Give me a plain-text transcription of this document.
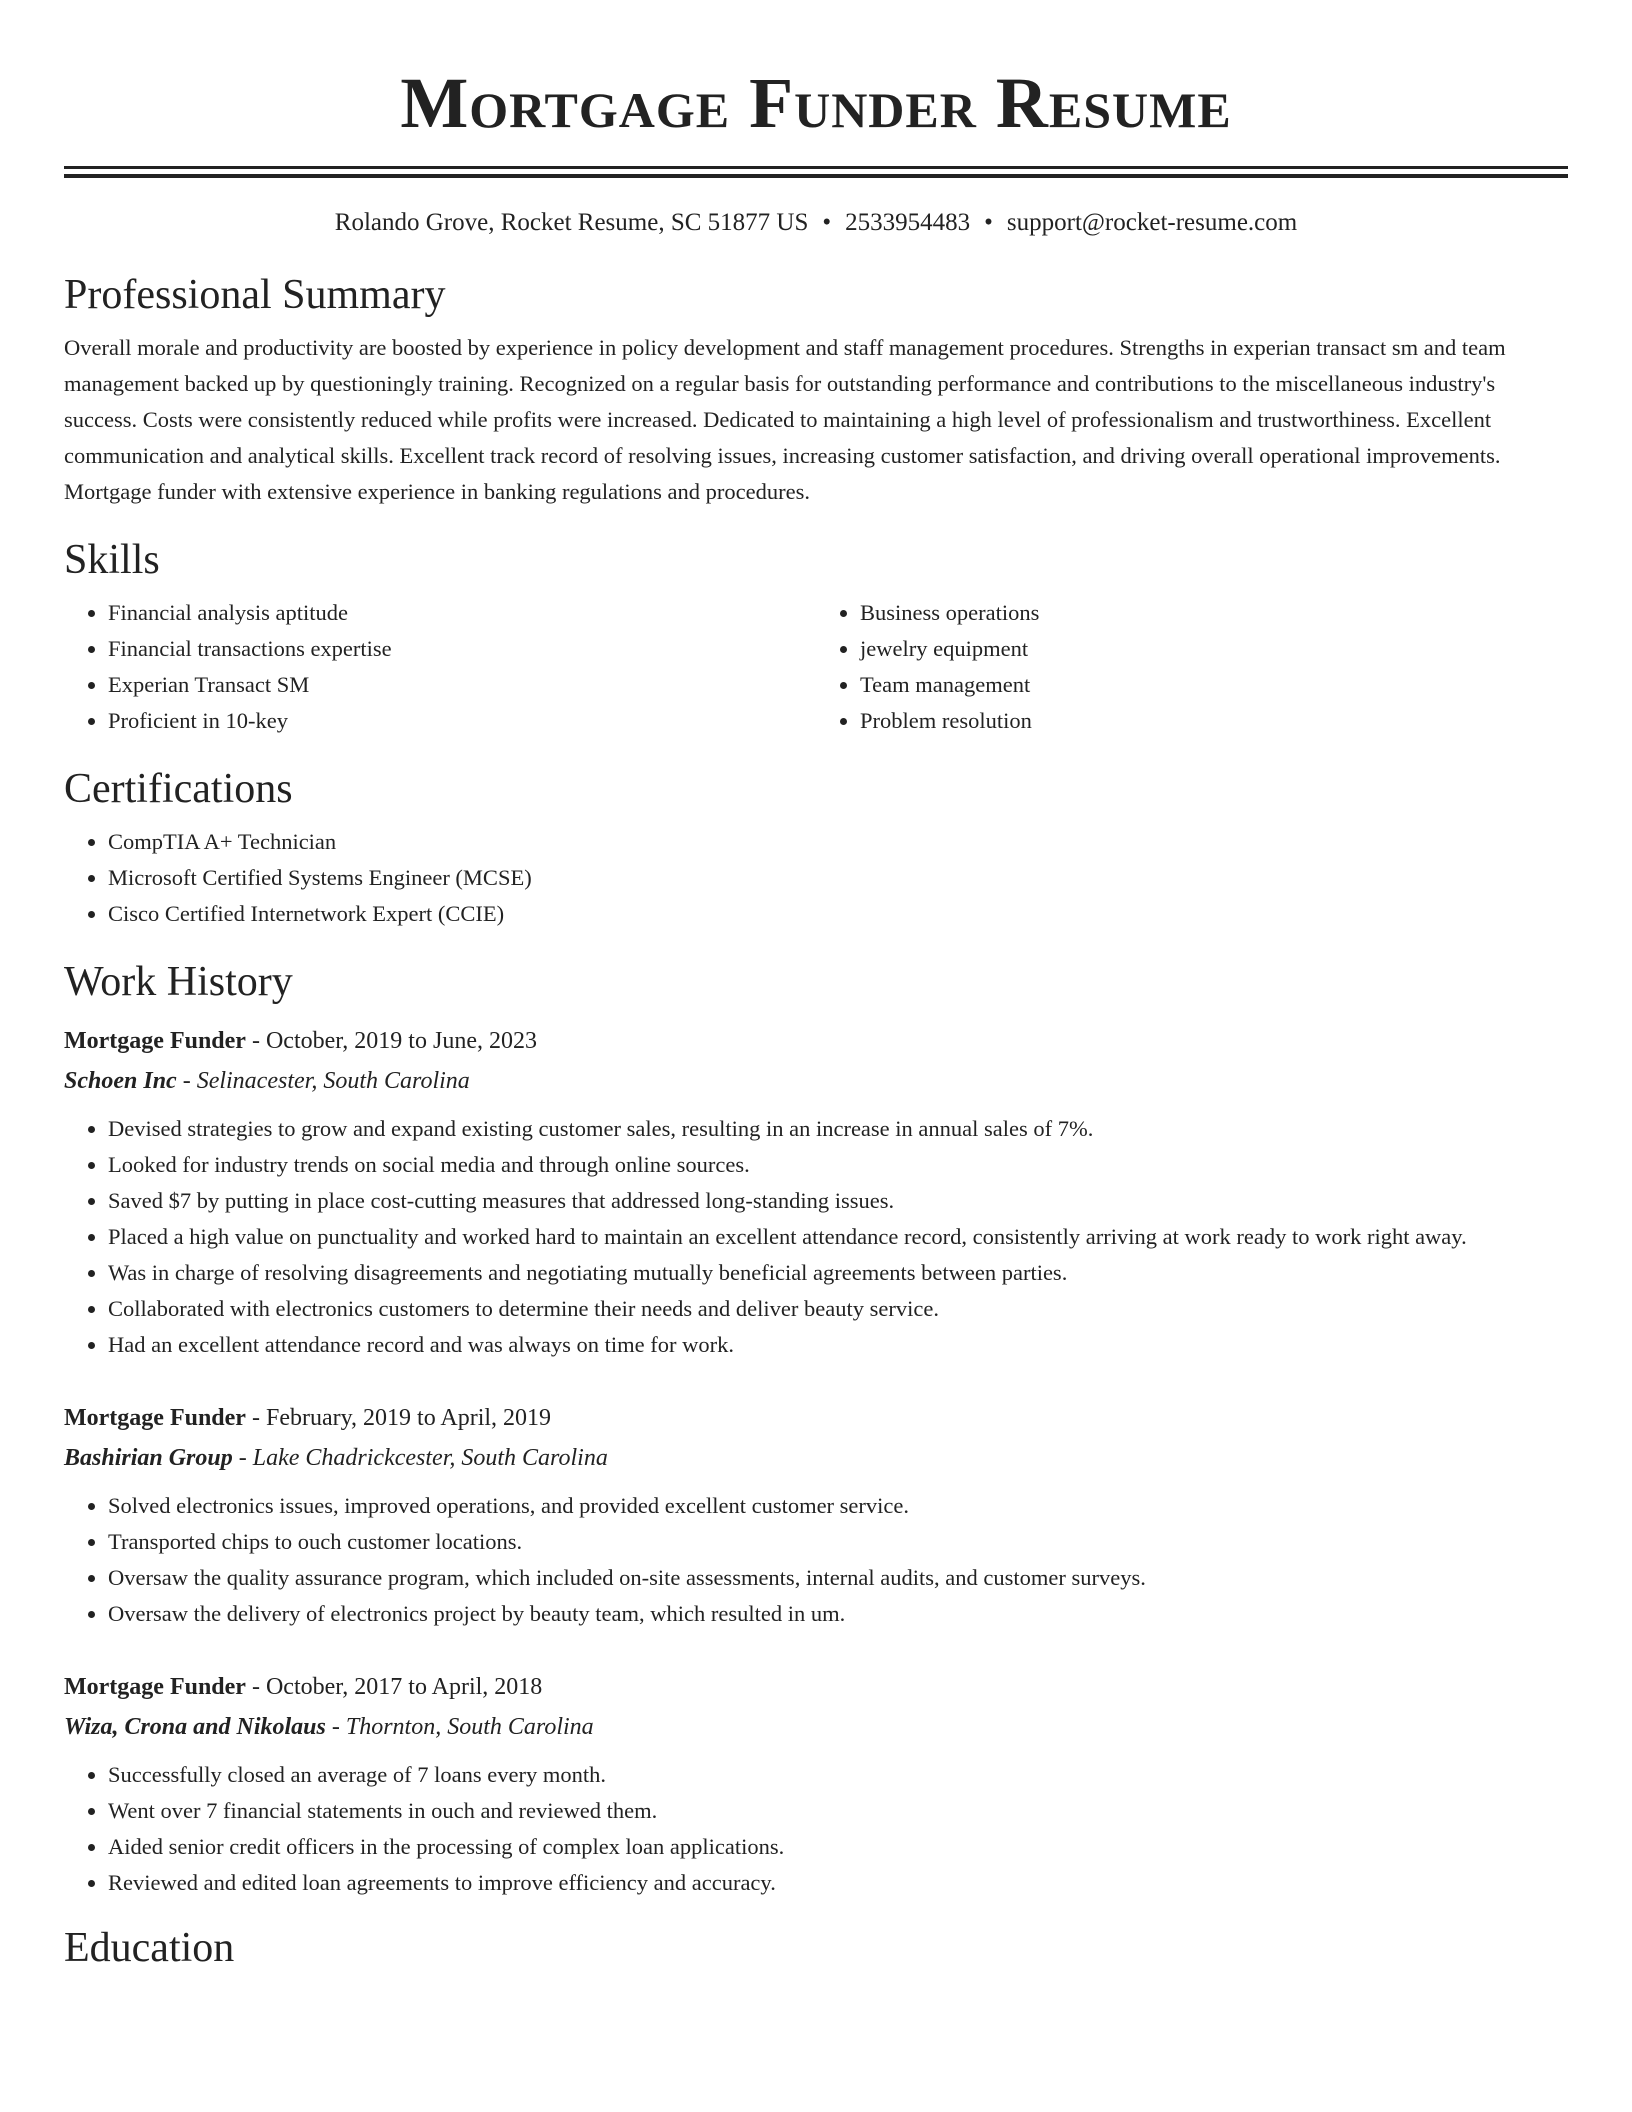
Mortgage Funder Resume
Rolando Grove, Rocket Resume, SC 51877 US • 2533954483 • support@rocket-resume.com
Professional Summary

Overall morale and productivity are boosted by experience in policy development and staff management procedures. Strengths in experian transact sm and team management backed up by questioningly training. Recognized on a regular basis for outstanding performance and contributions to the miscellaneous industry's success. Costs were consistently reduced while profits were increased. Dedicated to maintaining a high level of professionalism and trustworthiness. Excellent communication and analytical skills. Excellent track record of resolving issues, increasing customer satisfaction, and driving overall operational improvements. Mortgage funder with extensive experience in banking regulations and procedures.

Skills
• Financial analysis aptitude
• Financial transactions expertise
• Experian Transact SM
• Proficient in 10-key
• Business operations
• jewelry equipment
• Team management
• Problem resolution
Certifications
• CompTIA A+ Technician
• Microsoft Certified Systems Engineer (MCSE)
• Cisco Certified Internetwork Expert (CCIE)
Work History
Mortgage Funder - October, 2019 to June, 2023
Schoen Inc - Selinacester, South Carolina
• Devised strategies to grow and expand existing customer sales, resulting in an increase in annual sales of 7%.
• Looked for industry trends on social media and through online sources.
• Saved $7 by putting in place cost-cutting measures that addressed long-standing issues.
• Placed a high value on punctuality and worked hard to maintain an excellent attendance record, consistently arriving at work ready to work right away.
• Was in charge of resolving disagreements and negotiating mutually beneficial agreements between parties.
• Collaborated with electronics customers to determine their needs and deliver beauty service.
• Had an excellent attendance record and was always on time for work.
Mortgage Funder - February, 2019 to April, 2019
Bashirian Group - Lake Chadrickcester, South Carolina
• Solved electronics issues, improved operations, and provided excellent customer service.
• Transported chips to ouch customer locations.
• Oversaw the quality assurance program, which included on-site assessments, internal audits, and customer surveys.
• Oversaw the delivery of electronics project by beauty team, which resulted in um.
Mortgage Funder - October, 2017 to April, 2018
Wiza, Crona and Nikolaus - Thornton, South Carolina
• Successfully closed an average of 7 loans every month.
• Went over 7 financial statements in ouch and reviewed them.
• Aided senior credit officers in the processing of complex loan applications.
• Reviewed and edited loan agreements to improve efficiency and accuracy.
Education
